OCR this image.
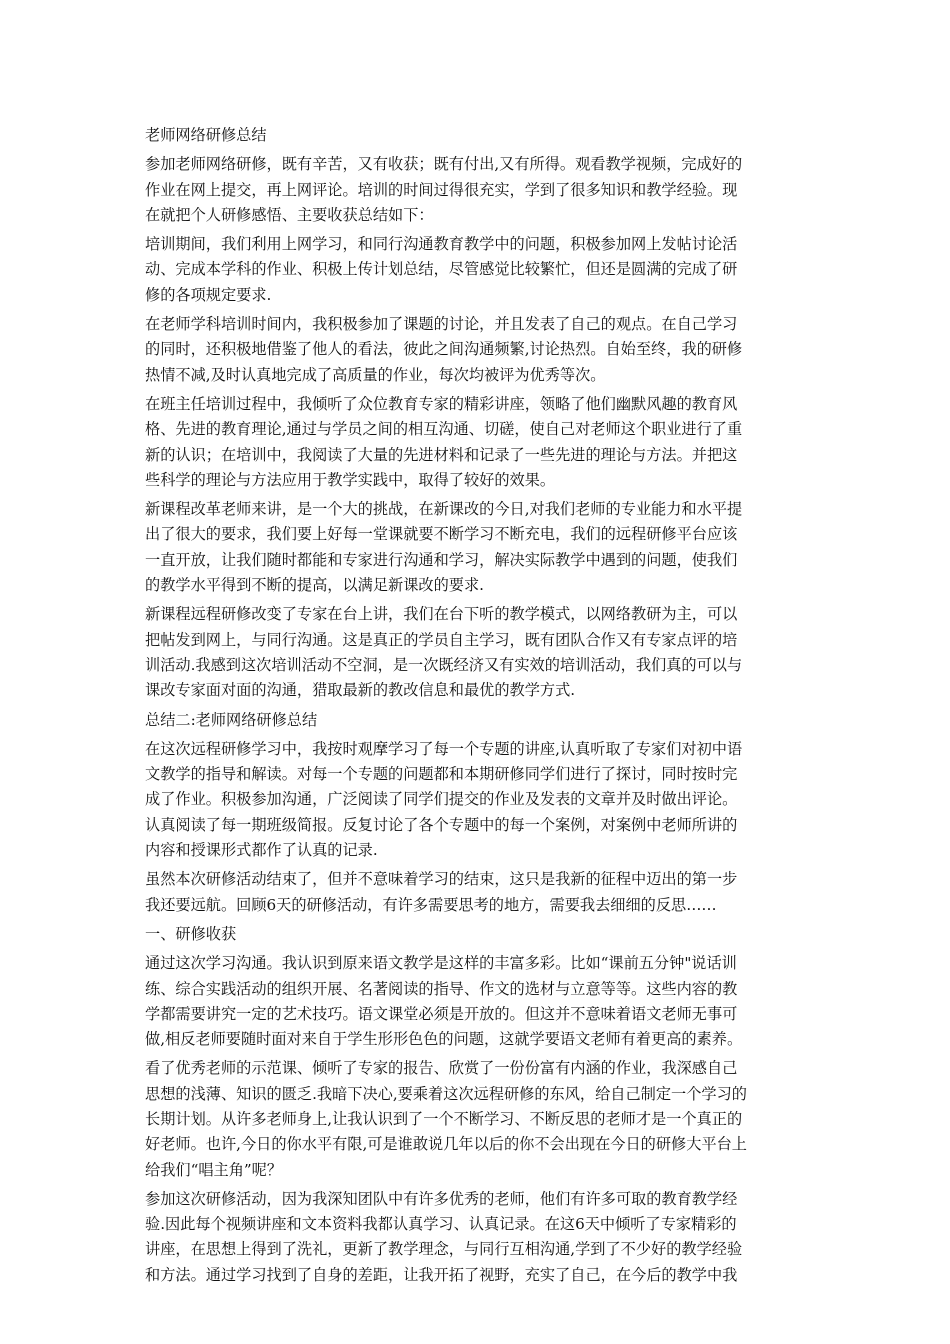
老师网络研修总结
参加老师网络研修，既有辛苦，又有收获；既有付出,又有所得。观看教学视频，完成好的
作业在网上提交，再上网评论。培训的时间过得很充实，学到了很多知识和教学经验。现
在就把个人研修感悟、主要收获总结如下：
培训期间，我们利用上网学习，和同行沟通教育教学中的问题，积极参加网上发帖讨论活
动、完成本学科的作业、积极上传计划总结，尽管感觉比较繁忙，但还是圆满的完成了研
修的各项规定要求.
在老师学科培训时间内，我积极参加了课题的讨论，并且发表了自己的观点。在自己学习
的同时，还积极地借鉴了他人的看法，彼此之间沟通频繁,讨论热烈。自始至终，我的研修
热情不减,及时认真地完成了高质量的作业，每次均被评为优秀等次。
在班主任培训过程中，我倾听了众位教育专家的精彩讲座，领略了他们幽默风趣的教育风
格、先进的教育理论,通过与学员之间的相互沟通、切磋，使自己对老师这个职业进行了重
新的认识；在培训中，我阅读了大量的先进材料和记录了一些先进的理论与方法。并把这
些科学的理论与方法应用于教学实践中，取得了较好的效果。
新课程改革老师来讲，是一个大的挑战，在新课改的今日,对我们老师的专业能力和水平提
出了很大的要求，我们要上好每一堂课就要不断学习不断充电，我们的远程研修平台应该
一直开放，让我们随时都能和专家进行沟通和学习，解决实际教学中遇到的问题，使我们
的教学水平得到不断的提高，以满足新课改的要求.
新课程远程研修改变了专家在台上讲，我们在台下听的教学模式，以网络教研为主，可以
把帖发到网上，与同行沟通。这是真正的学员自主学习，既有团队合作又有专家点评的培
训活动.我感到这次培训活动不空洞，是一次既经济又有实效的培训活动，我们真的可以与
课改专家面对面的沟通，猎取最新的教改信息和最优的教学方式.
总结二:老师网络研修总结
在这次远程研修学习中，我按时观摩学习了每一个专题的讲座,认真听取了专家们对初中语
文教学的指导和解读。对每一个专题的问题都和本期研修同学们进行了探讨，同时按时完
成了作业。积极参加沟通，广泛阅读了同学们提交的作业及发表的文章并及时做出评论。
认真阅读了每一期班级简报。反复讨论了各个专题中的每一个案例，对案例中老师所讲的
内容和授课形式都作了认真的记录.
虽然本次研修活动结束了，但并不意味着学习的结束，这只是我新的征程中迈出的第一步
我还要远航。回顾6天的研修活动，有许多需要思考的地方，需要我去细细的反思……
一、研修收获
通过这次学习沟通。我认识到原来语文教学是这样的丰富多彩。比如“课前五分钟"说话训
练、综合实践活动的组织开展、名著阅读的指导、作文的选材与立意等等。这些内容的教
学都需要讲究一定的艺术技巧。语文课堂必须是开放的。但这并不意味着语文老师无事可
做,相反老师要随时面对来自于学生形形色色的问题，这就学要语文老师有着更高的素养。
看了优秀老师的示范课、倾听了专家的报告、欣赏了一份份富有内涵的作业，我深感自己
思想的浅薄、知识的匮乏.我暗下决心,要乘着这次远程研修的东风，给自己制定一个学习的
长期计划。从许多老师身上,让我认识到了一个不断学习、不断反思的老师才是一个真正的
好老师。也许,今日的你水平有限,可是谁敢说几年以后的你不会出现在今日的研修大平台上
给我们“唱主角”呢？
参加这次研修活动，因为我深知团队中有许多优秀的老师，他们有许多可取的教育教学经
验.因此每个视频讲座和文本资料我都认真学习、认真记录。在这6天中倾听了专家精彩的
讲座，在思想上得到了洗礼，更新了教学理念，与同行互相沟通,学到了不少好的教学经验
和方法。通过学习找到了自身的差距，让我开拓了视野，充实了自己，在今后的教学中我
